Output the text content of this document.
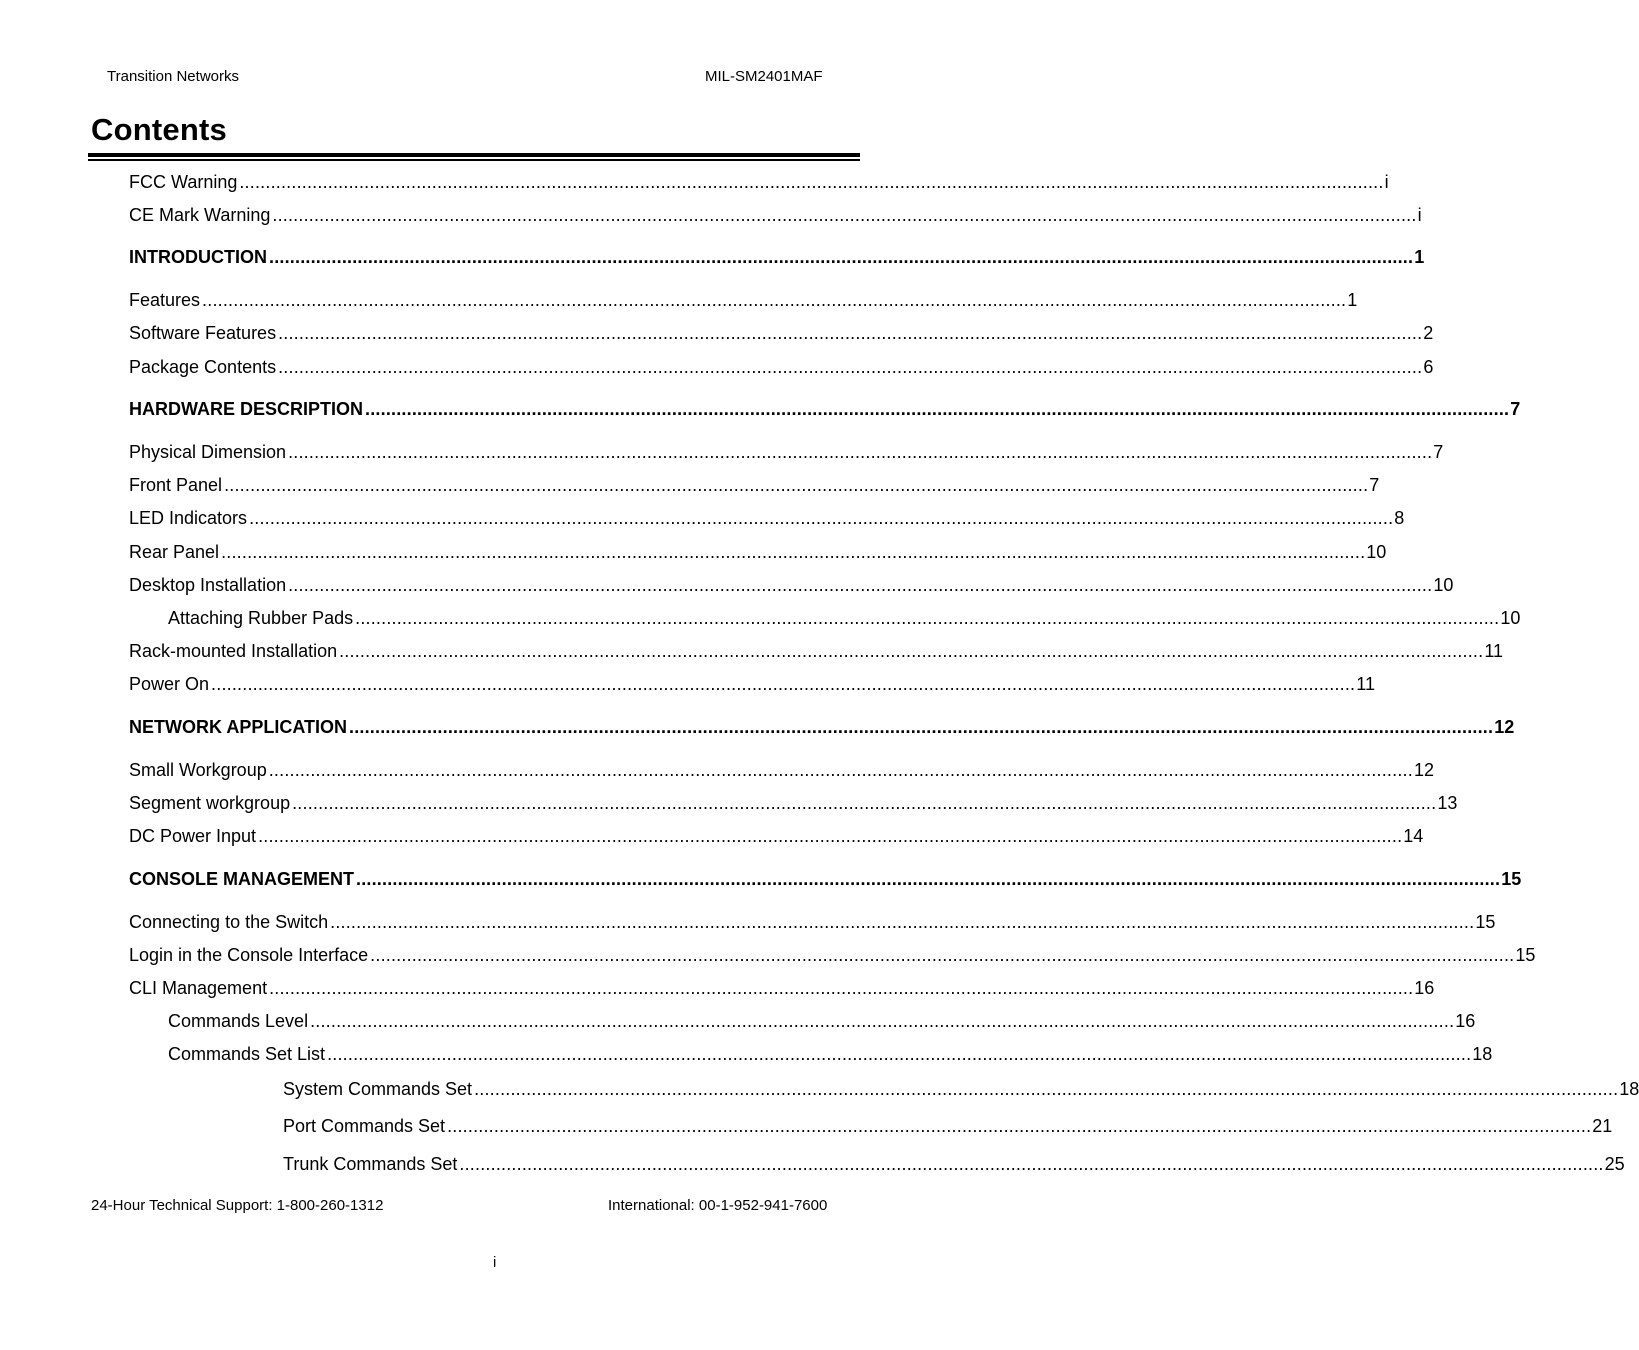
Transition Networks	MIL-SM2401MAF
Contents
FCC Warning ............................................................................................................................................................................................................................ i
CE Mark Warning ............................................................................................................................................................................................................................ i
INTRODUCTION ............................................................................................................................................................................................................................ 1
Features ............................................................................................................................................................................................................................ 1
Software Features ............................................................................................................................................................................................................................ 2
Package Contents ............................................................................................................................................................................................................................ 6
HARDWARE DESCRIPTION ............................................................................................................................................................................................................................ 7
Physical Dimension ............................................................................................................................................................................................................................ 7
Front Panel ............................................................................................................................................................................................................................ 7
LED Indicators ............................................................................................................................................................................................................................ 8
Rear Panel ............................................................................................................................................................................................................................ 10
Desktop Installation ............................................................................................................................................................................................................................ 10
Attaching Rubber Pads ............................................................................................................................................................................................................................ 10
Rack-mounted Installation ............................................................................................................................................................................................................................ 11
Power On ............................................................................................................................................................................................................................ 11
NETWORK APPLICATION ............................................................................................................................................................................................................................ 12
Small Workgroup ............................................................................................................................................................................................................................ 12
Segment workgroup ............................................................................................................................................................................................................................ 13
DC Power Input ............................................................................................................................................................................................................................ 14
CONSOLE MANAGEMENT ............................................................................................................................................................................................................................ 15
Connecting to the Switch ............................................................................................................................................................................................................................ 15
Login in the Console Interface ............................................................................................................................................................................................................................ 15
CLI Management ............................................................................................................................................................................................................................ 16
Commands Level ............................................................................................................................................................................................................................ 16
Commands Set List ............................................................................................................................................................................................................................ 18
System Commands Set ............................................................................................................................................................................................................................ 18
Port Commands Set ............................................................................................................................................................................................................................ 21
Trunk Commands Set ............................................................................................................................................................................................................................ 25
24-Hour Technical Support: 1-800-260-1312	International: 00-1-952-941-7600
i
